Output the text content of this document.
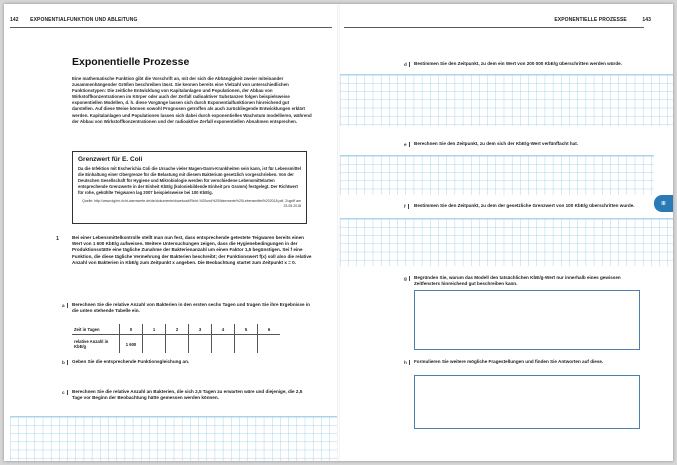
142 EXPONENTIALFUNKTION UND ABLEITUNG
Exponentielle Prozesse

Eine mathematische Funktion gibt die Vorschrift an, mit der sich die Abhängigkeit zweier miteinander zusammenhängender Größen beschreiben lässt. Sie kennen bereits eine Vielzahl von unterschiedlichen Funktionstypen: Die zeitliche Entwicklung von Kapitalanlagen und Populationen, der Abbau von Wirkstoffkonzentrationen im Körper oder auch der Zerfall radioaktiver Substanzen folgen beispielsweise exponentiellen Modellen, d. h. diese Vorgänge lassen sich durch Exponentialfunktionen hinreichend gut darstellen. Auf diese Weise können sowohl Prognosen getroffen als auch zurückliegende Entwicklungen erklärt werden. Kapitalanlagen und Populationen lassen sich dabei durch exponentielles Wachstum modellieren, während der Abbau von Wirkstoffkonzentrationen und der radioaktive Zerfall exponentiellen Abnahmen entsprechen.

Grenzwert für E. Coli

Da die Infektion mit Escherichia Coli die Ursache vieler Magen-Darm-Krankheiten sein kann, ist für Lebensmittel die Einhaltung einer Obergrenze für die Belastung mit diesem Bakterium gesetzlich vorgeschrieben. Von der Deutschen Gesellschaft für Hygiene und Mikrobiologie werden für verschiedene Lebensmittelarten entsprechende Grenzwerte in der Einheit KbE/g (koloniebildende Einheit pro Gramm) festgelegt. Der Richtwert für rohe, gekühlte Teigwaren lag 2007 beispielsweise bei 100 KbE/g.

Quelle: http://www.dghm-richt-warnwerte.de/de/dokumente/download/Richt-%20und%20Warnwerte%20Lebensmittel%202018.pdf, Zugriff am 23.05.2018

1	Bei einer Lebensmittelkontrolle stellt man nun fest, dass entsprechende getestete Teigwaren bereits einen Wert von 1 600 KbE/g aufweisen. Weitere Untersuchungen zeigen, dass die Hygienebedingungen in der Produktionsstätte eine tägliche Zunahme der Bakterienanzahl um einen Faktor 1,5 begünstigen. Sei f eine Funktion, die diese tägliche Vermehrung der Bakterien beschreibt; der Funktionswert f(x) soll also die relative Anzahl von Bakterien in KbE/g zum Zeitpunkt x angeben. Die Beobachtung startet zum Zeitpunkt x = 0.

a	Berechnen Sie die relative Anzahl von Bakterien in den ersten sechs Tagen und tragen Sie ihre Ergebnisse in die unten stehende Tabelle ein.

Zeit in Tagen	0	1	2	3	4	5	6
relative Anzahl in KbE/g	1 600						
b	Geben Sie die entsprechende Funktionsgleichung an.

c	Berechnen Sie die relative Anzahl an Bakterien, die sich 2,5 Tagen zu erwarten wäre und diejenige, die 2,5 Tage vor Beginn der Beobachtung hätte gemessen werden können.

EXPONENTIELLE PROZESSE	143
d	Bestimmen Sie den Zeitpunkt, zu dem ein Wert von 200 000 KbE/g überschritten werden würde.

e	Berechnen Sie den Zeitpunkt, zu dem sich der KbE/g-Wert verfünffacht hat.

f	Bestimmen Sie den Zeitpunkt, zu dem der gesetzliche Grenzwert von 100 KbE/g überschritten wurde.	III
g	Begründen Sie, warum das Modell den tatsächlichen KbE/g-Wert nur innerhalb eines gewissen Zeitfensters hinreichend gut beschreiben kann.

h	Formulieren Sie weitere mögliche Fragestellungen und finden Sie Antworten auf diese.
